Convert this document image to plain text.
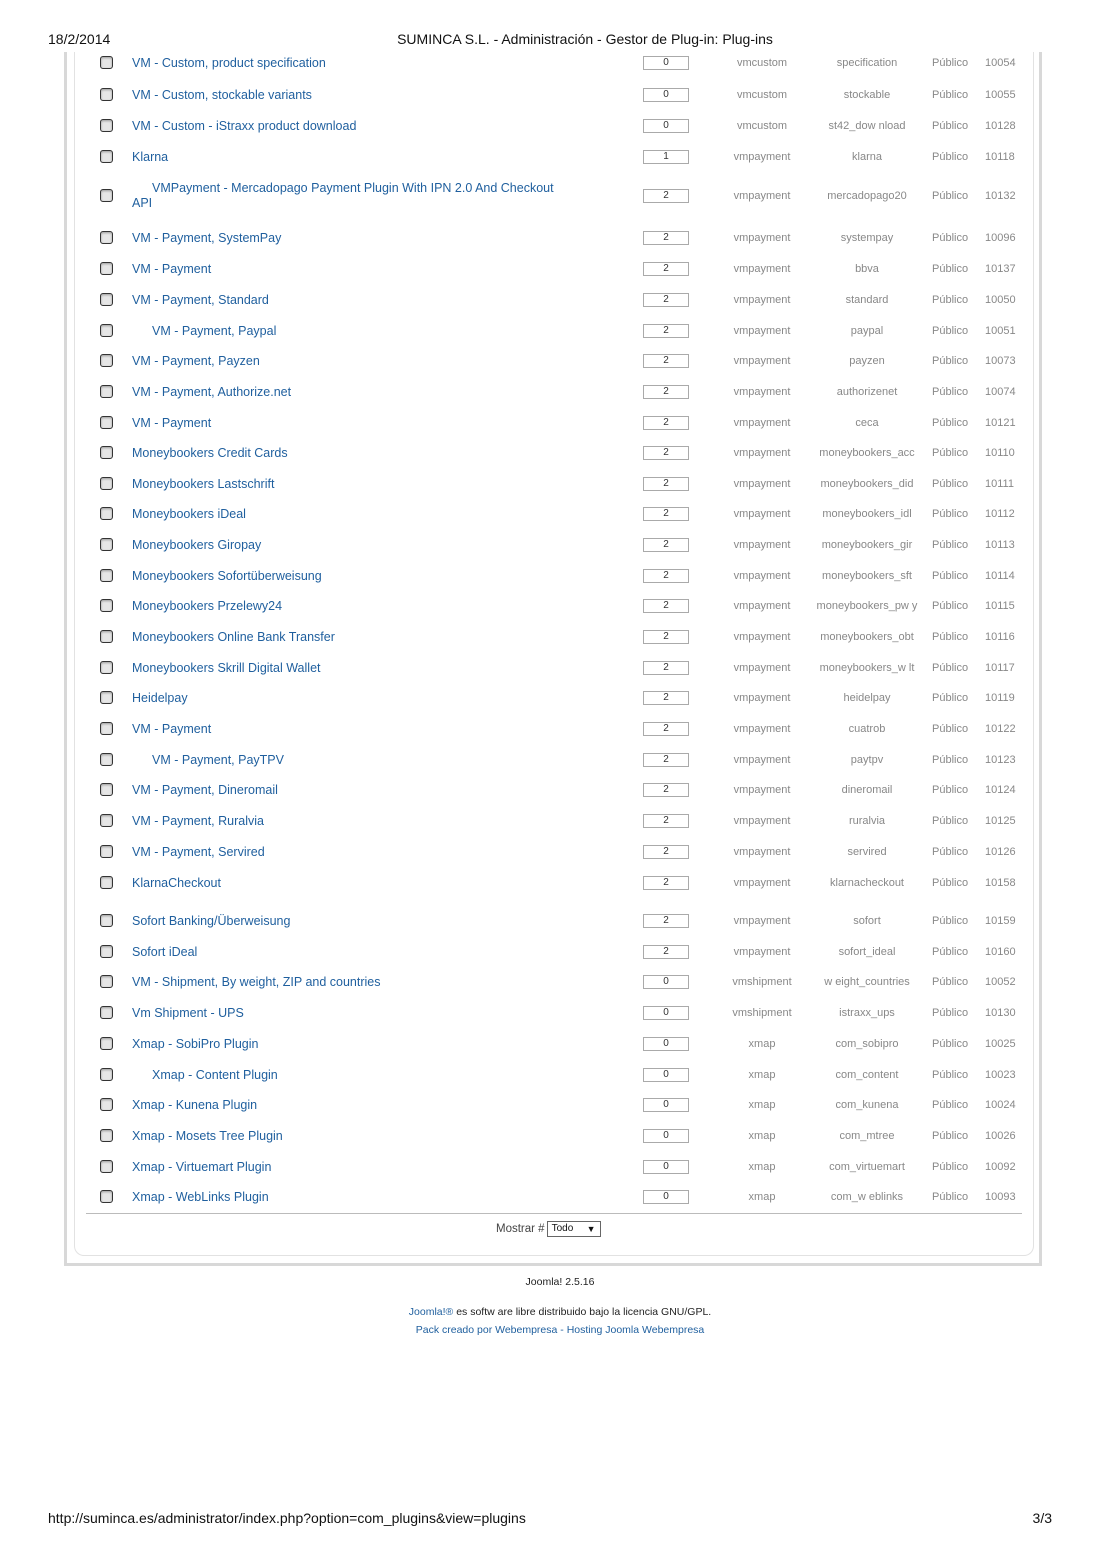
18/2/2014	SUMINCA S.L. - Administración - Gestor de Plug-in: Plug-ins
VM - Custom, product specification	0	vmcustom	specification	Público 10054
VM - Custom, stockable variants	0	vmcustom	stockable	Público 10055
VM - Custom - iStraxx product download	0	vmcustom	st42_dow nload	Público 10128
Klarna	1	vmpayment	klarna	Público 10118
VMPayment - Mercadopago Payment Plugin With IPN 2.0 And Checkout API
2	vmpayment	mercadopago20	Público 10132
VM - Payment, SystemPay	2	vmpayment	systempay	Público 10096
VM - Payment	2	vmpayment	bbva	Público 10137
VM - Payment, Standard	2	vmpayment	standard	Público 10050
VM - Payment, Paypal	2	vmpayment	paypal	Público 10051
VM - Payment, Payzen	2	vmpayment	payzen	Público 10073
VM - Payment, Authorize.net	2	vmpayment	authorizenet	Público 10074
VM - Payment	2	vmpayment	ceca	Público 10121
Moneybookers Credit Cards	2	vmpayment	moneybookers_acc	Público 10110
Moneybookers Lastschrift	2	vmpayment	moneybookers_did	Público 10111
Moneybookers iDeal	2	vmpayment	moneybookers_idl	Público 10112
Moneybookers Giropay	2	vmpayment	moneybookers_gir	Público 10113
Moneybookers Sofortüberweisung	2	vmpayment	moneybookers_sft	Público 10114
Moneybookers Przelewy24	2	vmpayment	moneybookers_pw y	Público 10115
Moneybookers Online Bank Transfer	2	vmpayment	moneybookers_obt	Público 10116
Moneybookers Skrill Digital Wallet	2	vmpayment	moneybookers_w lt	Público 10117
Heidelpay	2	vmpayment	heidelpay	Público 10119
VM - Payment	2	vmpayment	cuatrob	Público 10122
VM - Payment, PayTPV	2	vmpayment	paytpv	Público 10123
VM - Payment, Dineromail	2	vmpayment	dineromail	Público 10124
VM - Payment, Ruralvia	2	vmpayment	ruralvia	Público 10125
VM - Payment, Servired	2	vmpayment	servired	Público 10126
KlarnaCheckout	2	vmpayment	klarnacheckout	Público 10158
Sofort Banking/Überweisung	2	vmpayment	sofort	Público 10159
Sofort iDeal	2	vmpayment	sofort_ideal	Público 10160
VM - Shipment, By weight, ZIP and countries	0	vmshipment	w eight_countries	Público 10052
Vm Shipment - UPS	0	vmshipment	istraxx_ups	Público 10130
Xmap - SobiPro Plugin	0	xmap	com_sobipro	Público 10025
Xmap - Content Plugin	0	xmap	com_content	Público 10023
Xmap - Kunena Plugin	0	xmap	com_kunena	Público 10024
Xmap - Mosets Tree Plugin	0	xmap	com_mtree	Público 10026
Xmap - Virtuemart Plugin	0	xmap	com_virtuemart	Público 10092
Xmap - WebLinks Plugin	0	xmap	com_w eblinks	Público 10093
Mostrar # Todo ▼
Joomla! 2.5.16
Joomla!® es softw are libre distribuido bajo la licencia GNU/GPL.
Pack creado por Webempresa - Hosting Joomla Webempresa
http://suminca.es/administrator/index.php?option=com_plugins&view=plugins	3/3
